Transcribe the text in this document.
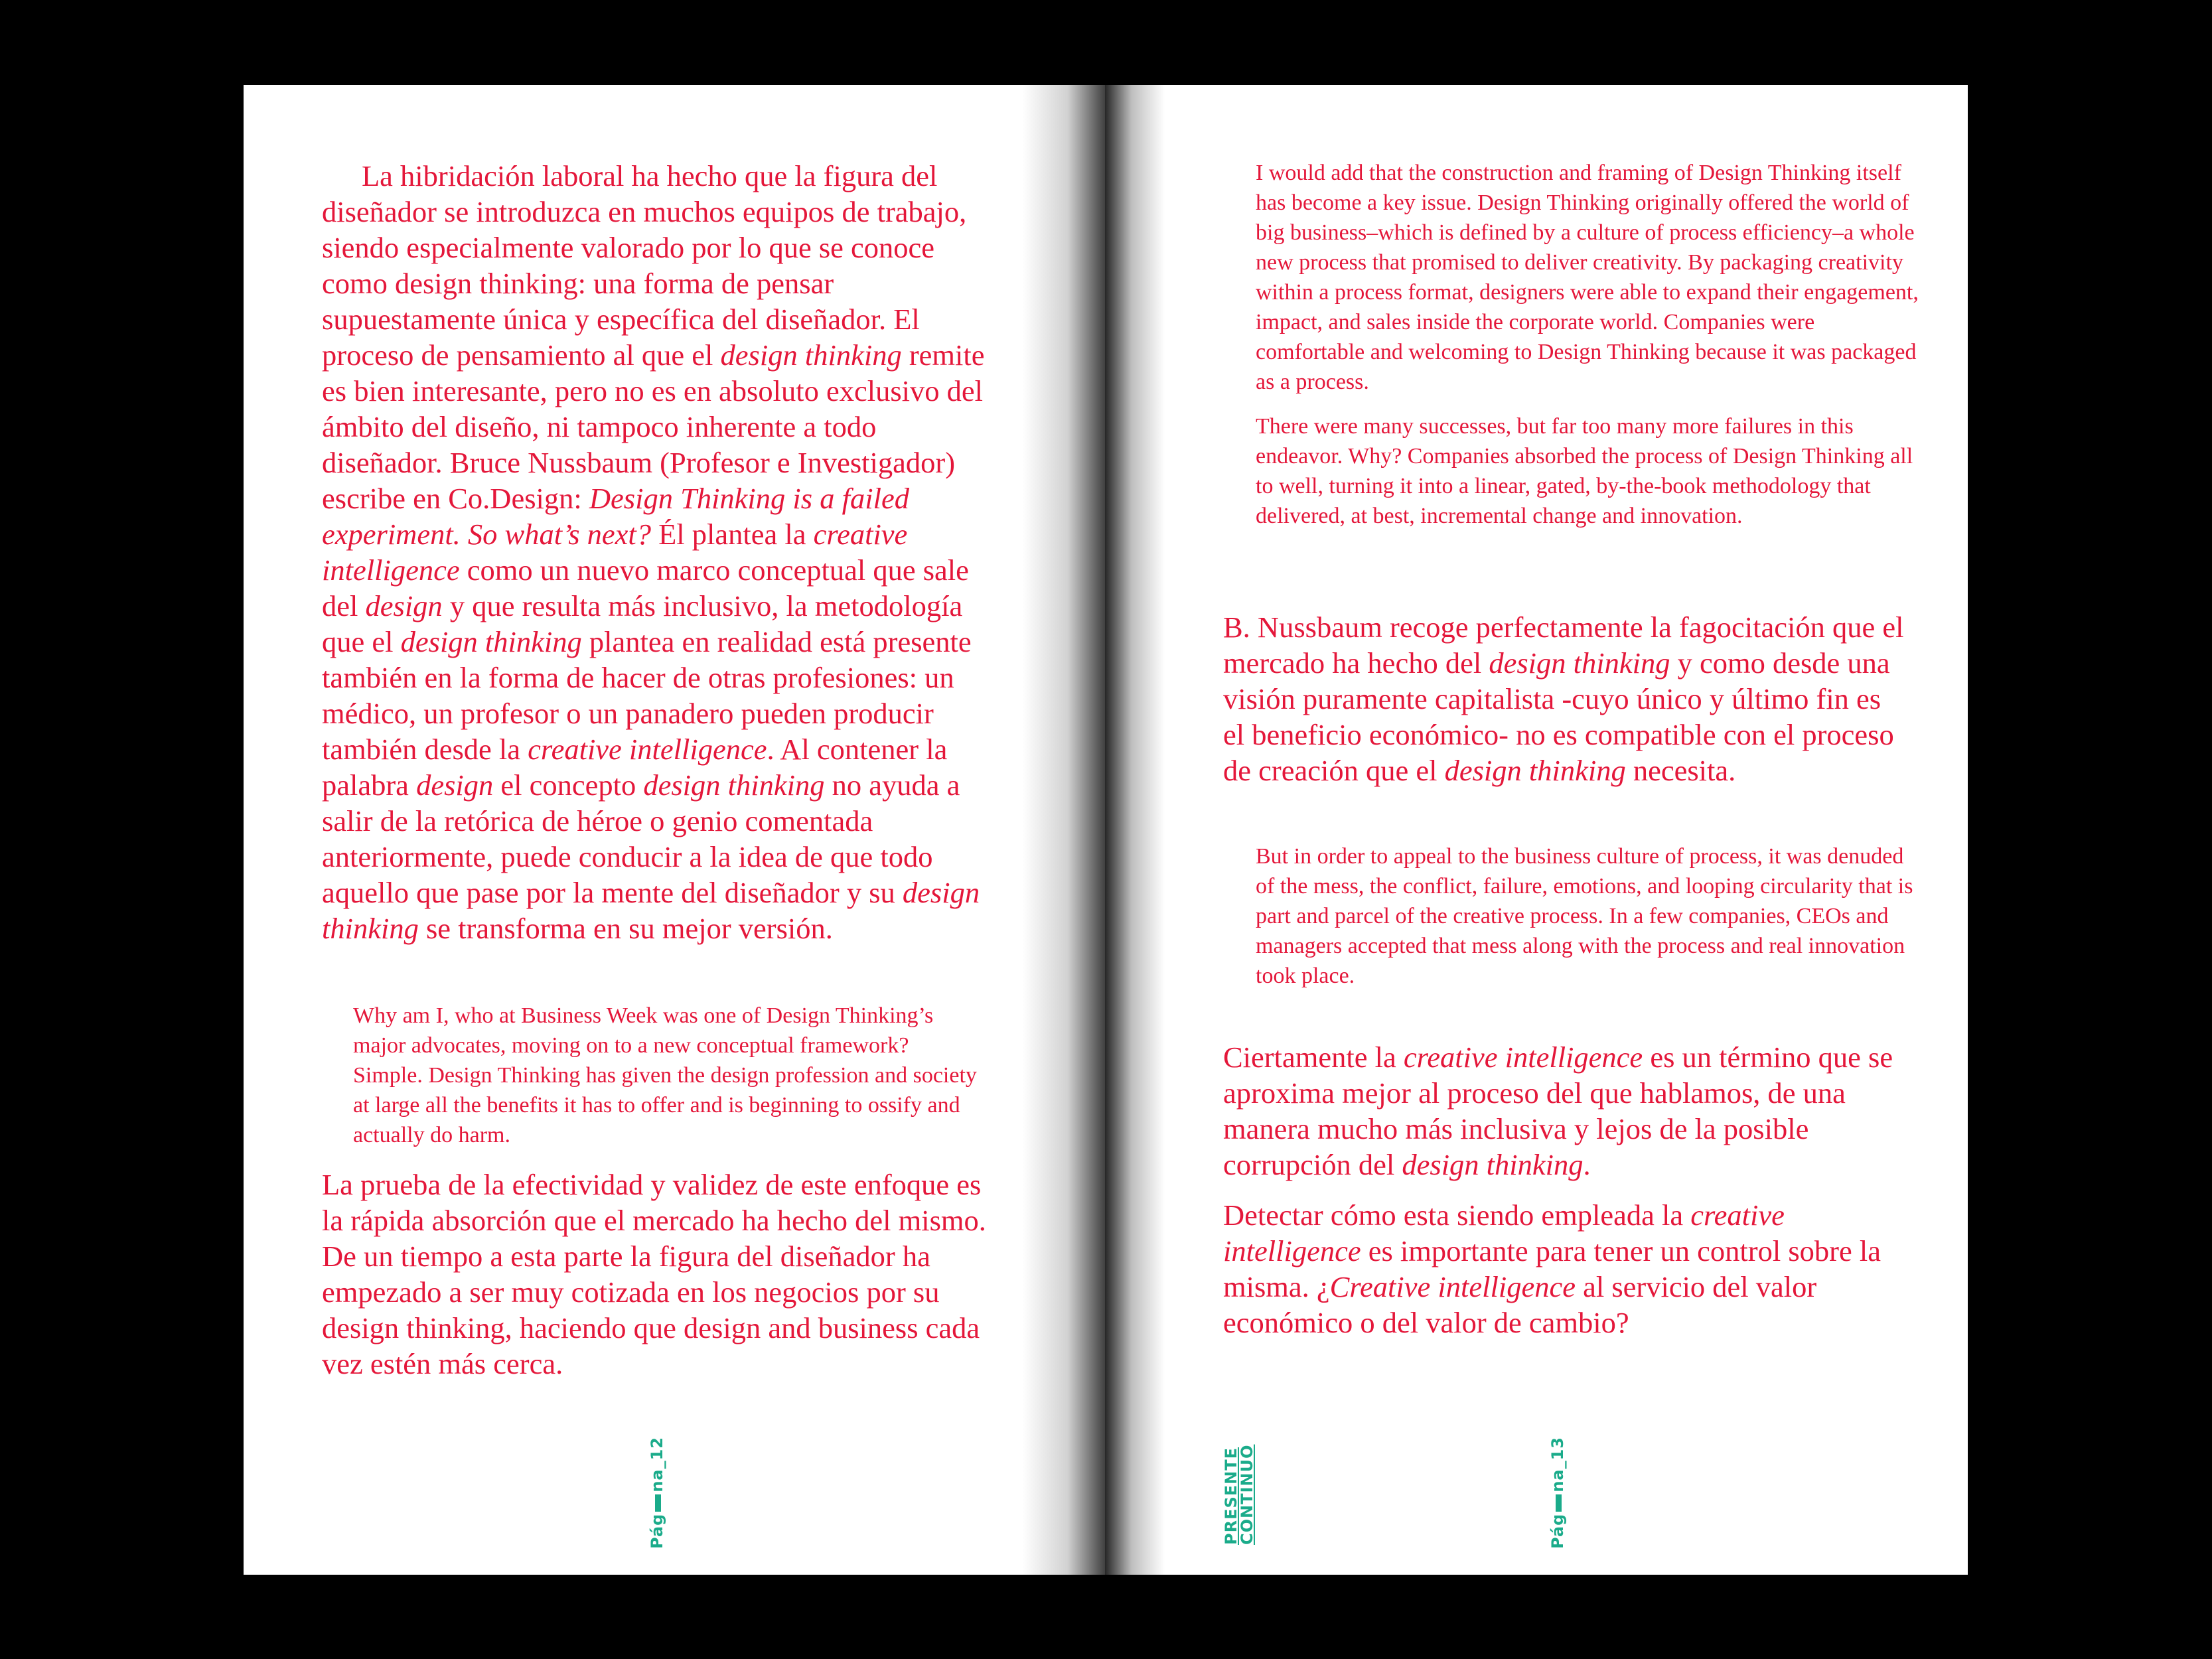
La hibridación laboral ha hecho que la figura del diseñador se introduzca en muchos equipos de trabajo, siendo especialmente valorado por lo que se conoce como design thinking: una forma de pensar supuestamente única y específica del diseñador. El proceso de pensamiento al que el design thinking remite es bien interesante, pero no es en absoluto exclusivo del ámbito del diseño, ni tampoco inherente a todo diseñador. Bruce Nussbaum (Profesor e Investigador) escribe en Co.Design: Design Thinking is a failed experiment. So what’s next? Él plantea la creative intelligence como un nuevo marco conceptual que sale del design y que resulta más inclusivo, la metodología que el design thinking plantea en realidad está presente también en la forma de hacer de otras profesiones: un médico, un profesor o un panadero pueden producir también desde la creative intelligence. Al contener la palabra design el concepto design thinking no ayuda a salir de la retórica de héroe o genio comentada anteriormente, puede conducir a la idea de que todo aquello que pase por la mente del diseñador y su design thinking se transforma en su mejor versión.

Why am I, who at Business Week was one of Design Thinking’s major advocates, moving on to a new conceptual framework? Simple. Design Thinking has given the design profession and society at large all the benefits it has to offer and is beginning to ossify and actually do harm.

La prueba de la efectividad y validez de este enfoque es la rápida absorción que el mercado ha hecho del mismo. De un tiempo a esta parte la figura del diseñador ha empezado a ser muy cotizada en los negocios por su design thinking, haciendo que design and business cada vez estén más cerca.

Págna_12

I would add that the construction and framing of Design Thinking itself has become a key issue. Design Thinking originally offered the world of big business–which is defined by a culture of process efficiency–a whole new process that promised to deliver creativity. By packaging creativity within a process format, designers were able to expand their engagement, impact, and sales inside the corporate world. Companies were comfortable and welcoming to Design Thinking because it was packaged as a process.

There were many successes, but far too many more failures in this endeavor. Why? Companies absorbed the process of Design Thinking all to well, turning it into a linear, gated, by-the-book methodology that delivered, at best, incremental change and innovation.

B. Nussbaum recoge perfectamente la fagocitación que el mercado ha hecho del design thinking y como desde una visión puramente capitalista -cuyo único y último fin es el beneficio económico- no es compatible con el proceso de creación que el design thinking necesita.

But in order to appeal to the business culture of process, it was denuded of the mess, the conflict, failure, emotions, and looping circularity that is part and parcel of the creative process. In a few companies, CEOs and managers accepted that mess along with the process and real innovation took place.

Ciertamente la creative intelligence es un término que se aproxima mejor al proceso del que hablamos, de una manera mucho más inclusiva y lejos de la posible corrupción del design thinking.

Detectar cómo esta siendo empleada la creative intelligence es importante para tener un control sobre la misma. ¿Creative intelligence al servicio del valor económico o del valor de cambio?

PRESENTE
CONTINUO	Págna_13
